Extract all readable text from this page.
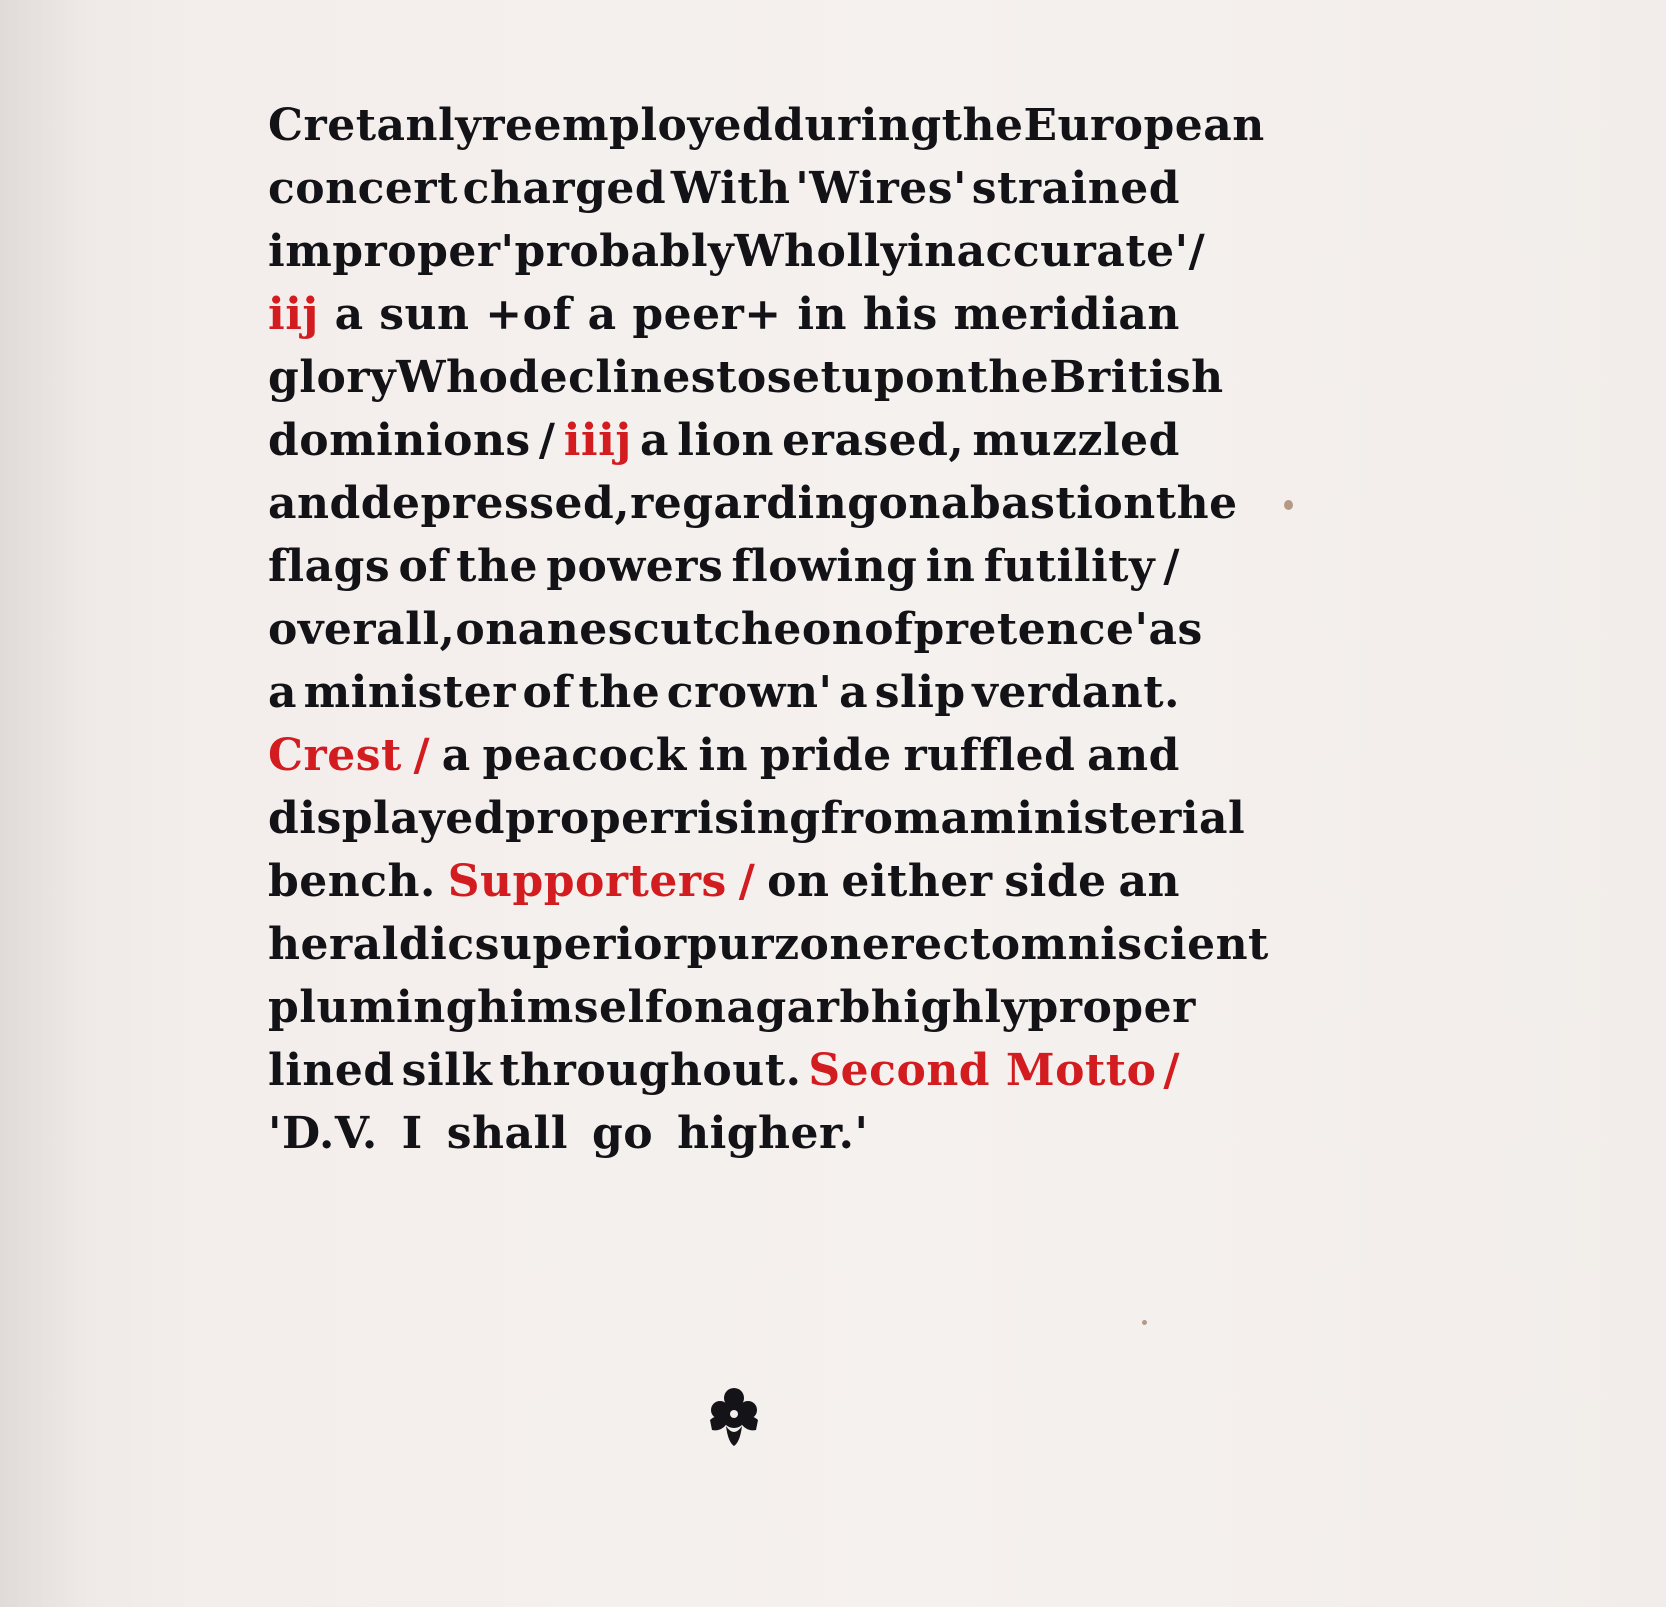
Cretan lyre employed during the European
concert charged With 'Wires' strained
improper 'probably Wholly inaccurate' /
iij a sun +of a peer+ in his meridian
glory Who declines to set upon the British
dominions / iiij a lion erased, muzzled
and depressed, regarding on a bastion the
flags of the powers flowing in futility /
over all, on an escutcheon of pretence 'as
a minister of the crown' a slip verdant.
Crest / a peacock in pride ruffled and
displayed proper rising from a ministerial
bench. Supporters / on either side an
heraldic superior purzon erect omniscient
pluming himself on a garb highly proper
lined silk throughout. Second Motto /
'D.V. I shall go higher.'
